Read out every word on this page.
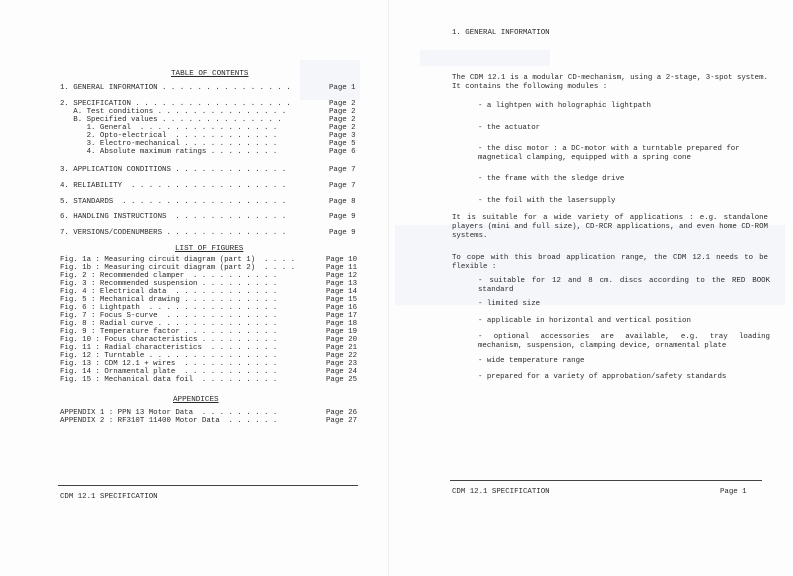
TABLE OF CONTENTS
1. GENERAL INFORMATION . . . . . . . . . . . . . . .	Page 1
2. SPECIFICATION . . . . . . . . . . . . . . . . . .	Page 2
A. Test conditions . . . . . . . . . . . . . . .	Page 2
B. Specified values . . . . . . . . . . . . . .	Page 2
1. General  . . . . . . . . . . . . . . . .	Page 2
2. Opto-electrical  . . . . . . . . . . . .	Page 3
3. Electro-mechanical . . . . . . . . . . .	Page 5
4. Absolute maximum ratings . . . . . . . .	Page 6
3. APPLICATION CONDITIONS . . . . . . . . . . . . .	Page 7
4. RELIABILITY  . . . . . . . . . . . . . . . . . .	Page 7
5. STANDARDS  . . . . . . . . . . . . . . . . . . .	Page 8
6. HANDLING INSTRUCTIONS  . . . . . . . . . . . . .	Page 9
7. VERSIONS/CODENUMBERS . . . . . . . . . . . . . .	Page 9
LIST OF FIGURES
Fig. 1a : Measuring circuit diagram (part 1)  . . . .	Page 10
Fig. 1b : Measuring circuit diagram (part 2)  . . . .	Page 11
Fig. 2 : Recommended clamper  . . . . . . . . . .	Page 12
Fig. 3 : Recommended suspension . . . . . . . . .	Page 13
Fig. 4 : Electrical data  . . . . . . . . . . . .	Page 14
Fig. 5 : Mechanical drawing . . . . . . . . . . .	Page 15
Fig. 6 : Lightpath  . . . . . . . . . . . . . . .	Page 16
Fig. 7 : Focus S-curve  . . . . . . . . . . . . .	Page 17
Fig. 8 : Radial curve . . . . . . . . . . . . . .	Page 18
Fig. 9 : Temperature factor . . . . . . . . . . .	Page 19
Fig. 10 : Focus characteristics . . . . . . . . .	Page 20
Fig. 11 : Radial characteristics  . . . . . . . .	Page 21
Fig. 12 : Turntable . . . . . . . . . . . . . . .	Page 22
Fig. 13 : CDM 12.1 + wires  . . . . . . . . . . .	Page 23
Fig. 14 : Ornamental plate  . . . . . . . . . . .	Page 24
Fig. 15 : Mechanical data foil  . . . . . . . . .	Page 25
APPENDICES
APPENDIX 1 : PPN 13 Motor Data  . . . . . . . . .	Page 26
APPENDIX 2 : RF310T 11400 Motor Data  . . . . . .	Page 27
CDM 12.1 SPECIFICATION
1. GENERAL INFORMATION
The CDM 12.1 is a modular CD-mechanism, using a 2-stage, 3-spot system. It contains the following modules :
- a lightpen with holographic lightpath
- the actuator
- the disc motor : a DC-motor with a turntable prepared for magnetical clamping, equipped with a spring cone
- the frame with the sledge drive
- the foil with the lasersupply
It is suitable for a wide variety of applications : e.g. standalone players (mini and full size), CD-RCR applications, and even home CD-ROM systems.
To cope with this broad application range, the CDM 12.1 needs to be flexible :
- suitable for 12 and 8 cm. discs according to the RED BOOK standard
- limited size
- applicable in horizontal and vertical position
- optional accessories are available, e.g. tray loading mechanism, suspension, clamping device, ornamental plate
- wide temperature range
- prepared for a variety of approbation/safety standards
CDM 12.1 SPECIFICATION	Page 1
